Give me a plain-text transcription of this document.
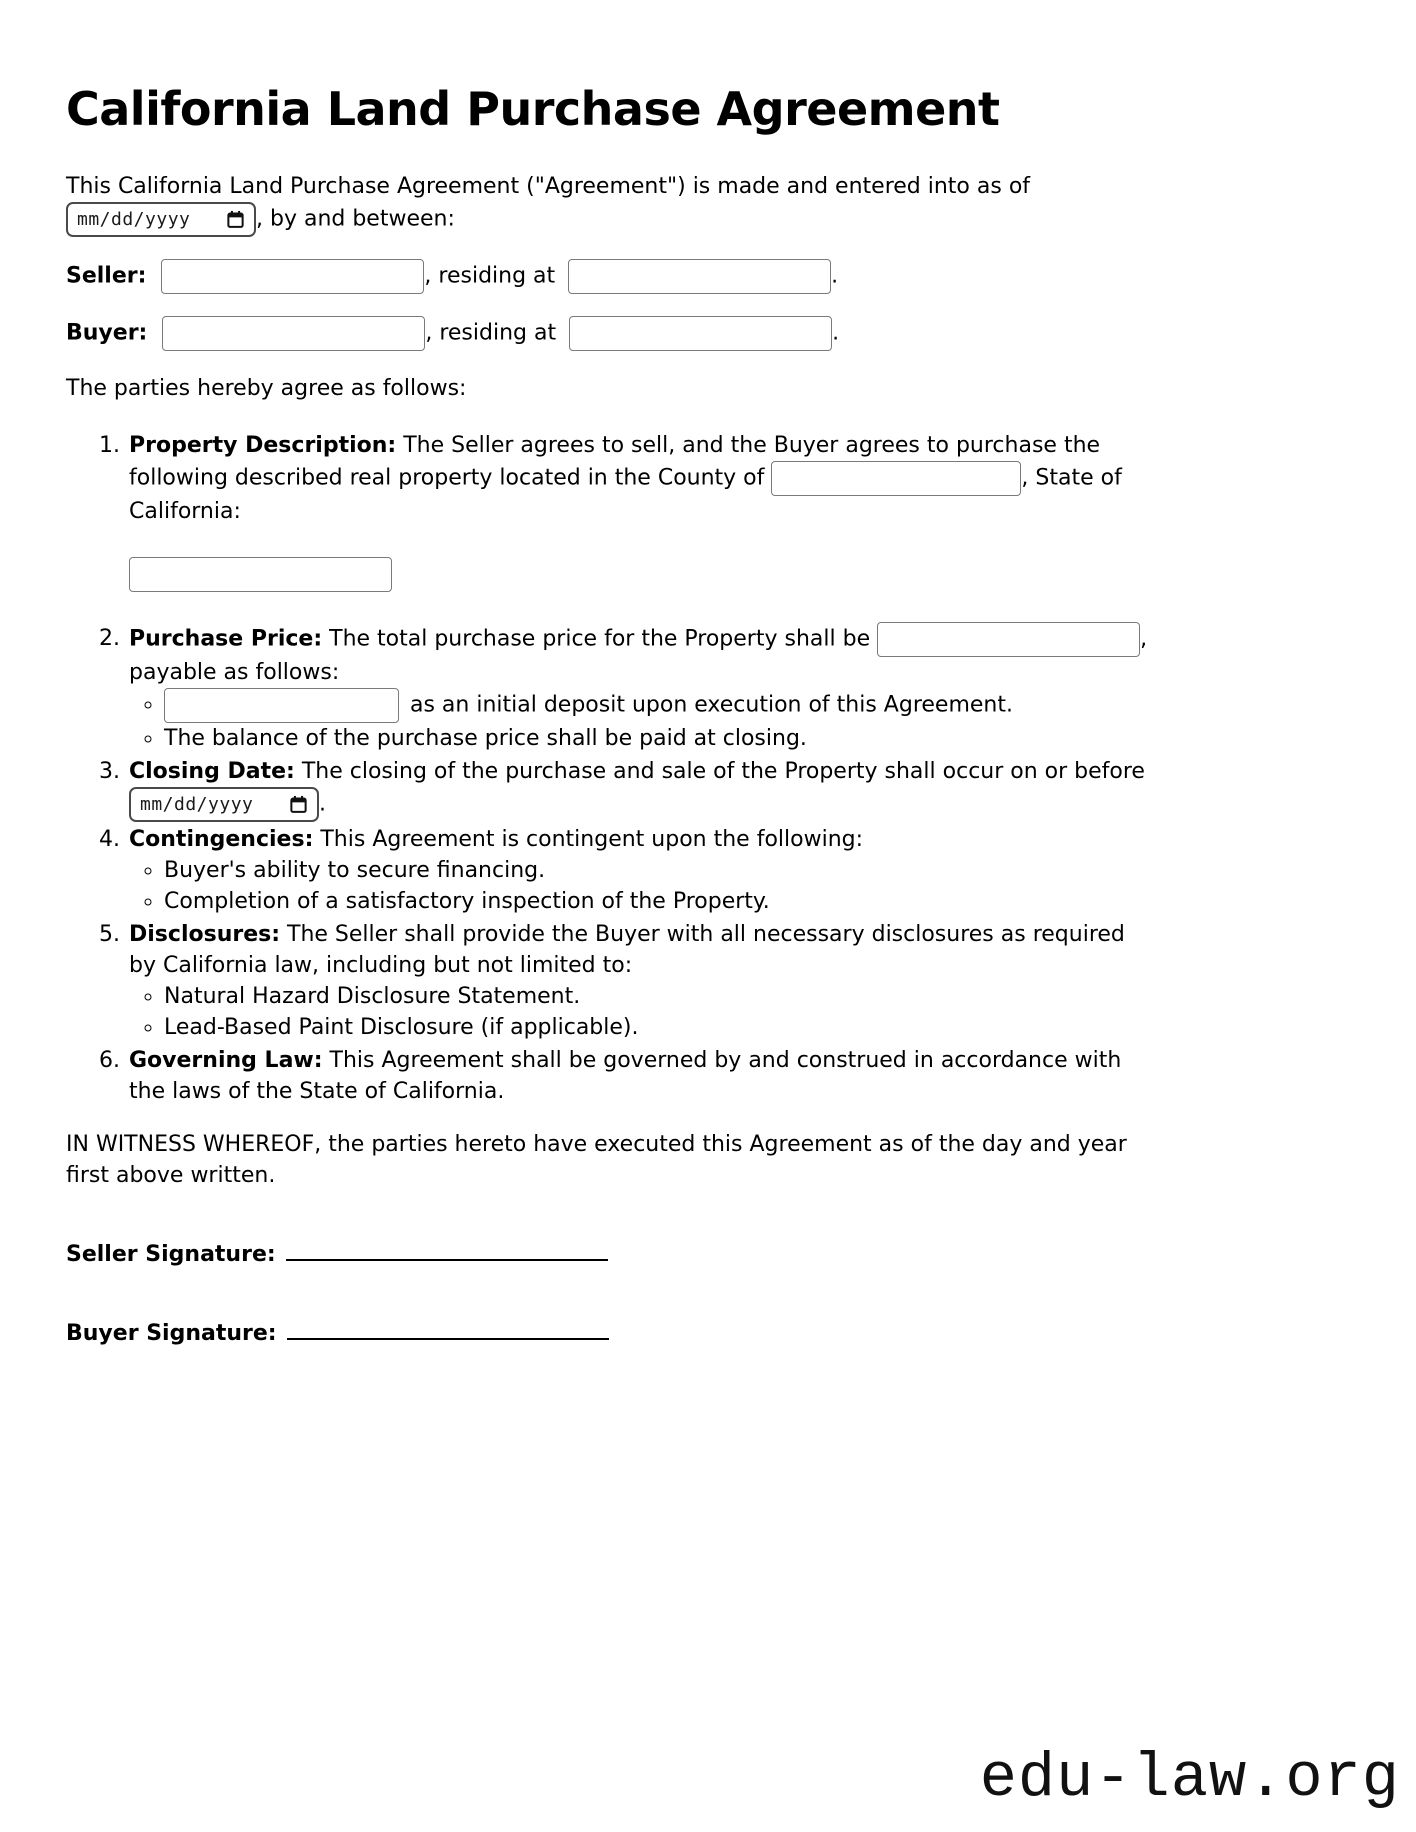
California Land Purchase Agreement

This California Land Purchase Agreement ("Agreement") is made and entered into as of
mm/dd/yyyy	, by and between:

Seller:	, residing at	.

Buyer:	, residing at	.

The parties hereby agree as follows:

1. Property Description: The Seller agrees to sell, and the Buyer agrees to purchase the following described real property located in the County of	, State of California:
2. Purchase Price: The total purchase price for the Property shall be	, payable as follows:
◦ as an initial deposit upon execution of this Agreement.
◦ The balance of the purchase price shall be paid at closing.
3. Closing Date: The closing of the purchase and sale of the Property shall occur on or before
mm/dd/yyyy	.
4. Contingencies: This Agreement is contingent upon the following:
◦ Buyer's ability to secure financing.
◦ Completion of a satisfactory inspection of the Property.
5. Disclosures: The Seller shall provide the Buyer with all necessary disclosures as required by California law, including but not limited to:
◦ Natural Hazard Disclosure Statement.
◦ Lead-Based Paint Disclosure (if applicable).
6. Governing Law: This Agreement shall be governed by and construed in accordance with the laws of the State of California.

IN WITNESS WHEREOF, the parties hereto have executed this Agreement as of the day and year first above written.

Seller Signature:

Buyer Signature:

edu-law.org
